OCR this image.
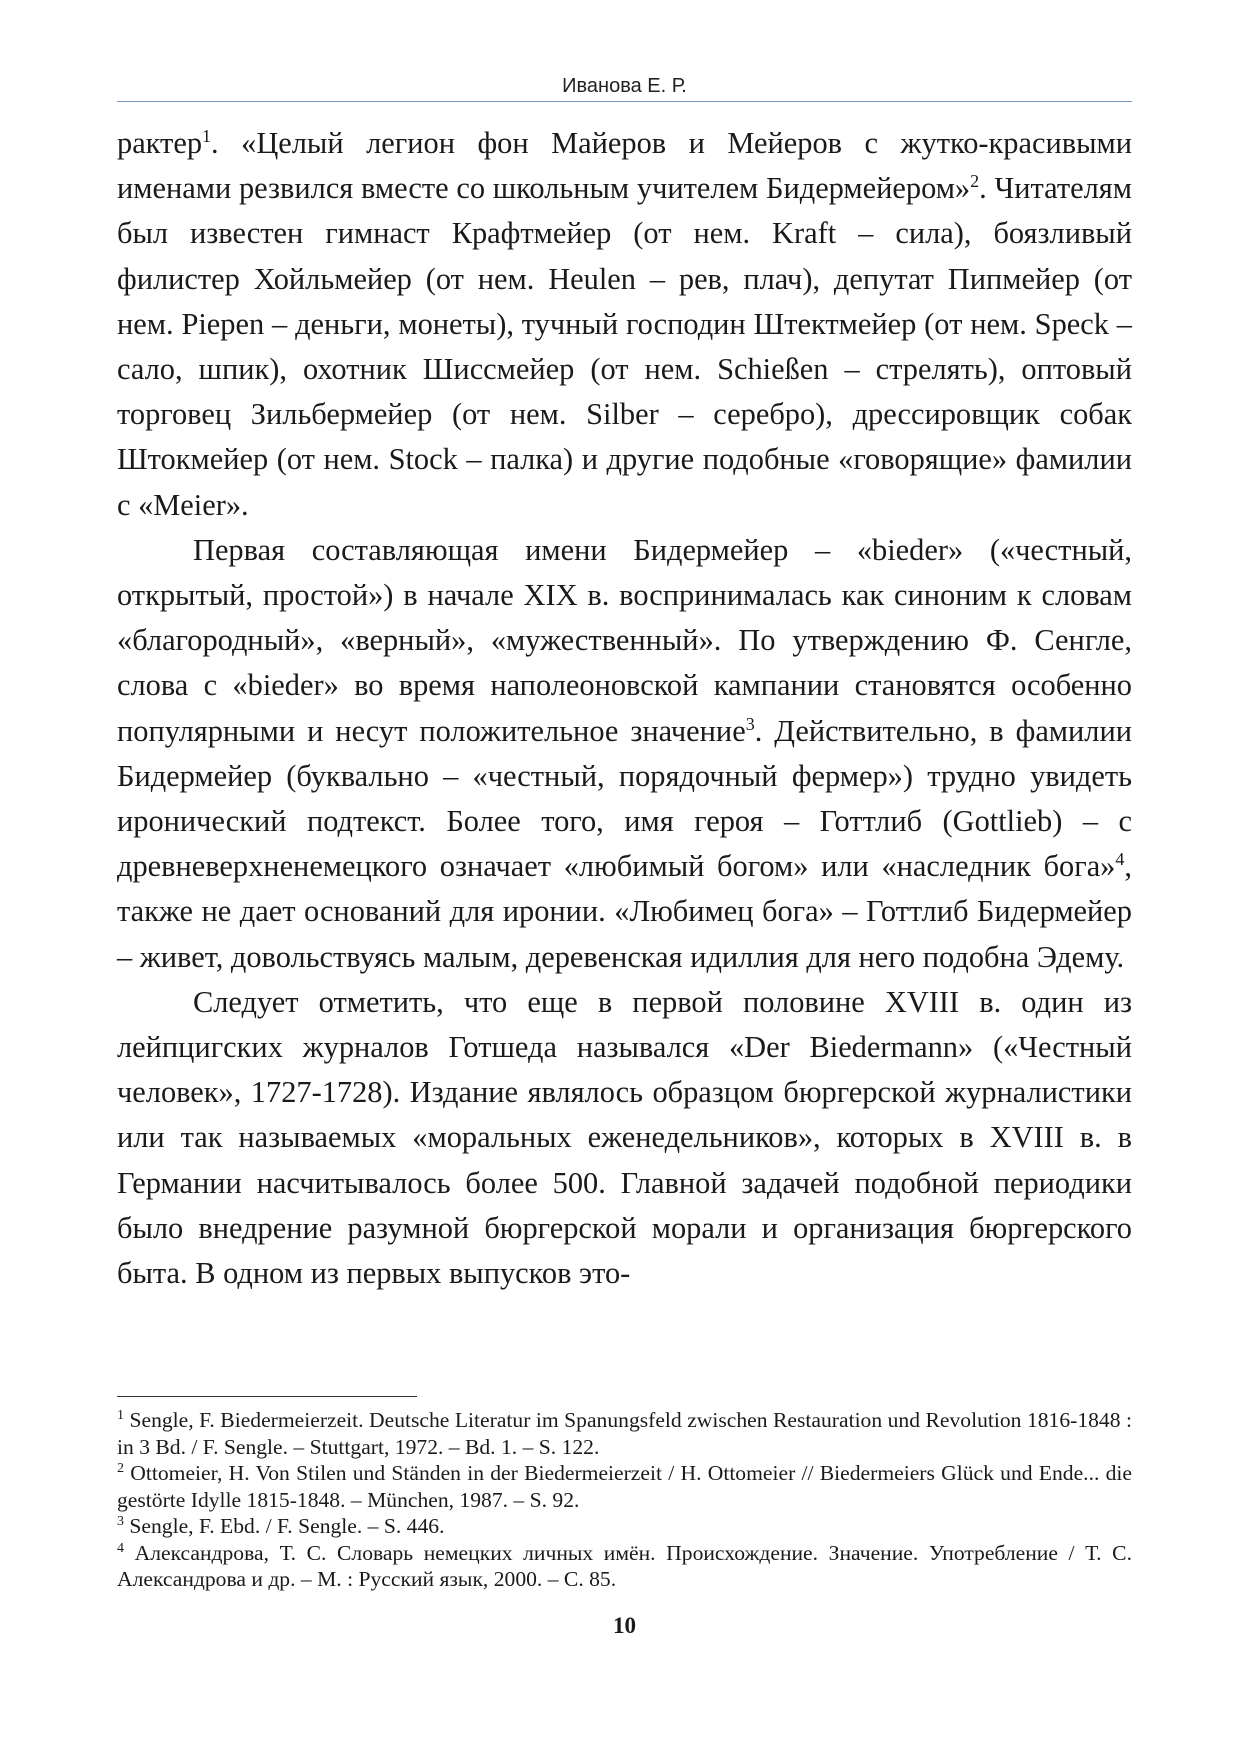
Иванова Е. Р.

рактер$^1$. «Целый легион фон Майеров и Мейеров с жутко-красивыми именами резвился вместе со школьным учителем Бидермейером»$^2$. Читателям был известен гимнаст Крафтмейер (от нем. Kraft – сила), боязливый филистер Хойльмейер (от нем. Heulen – рев, плач), депутат Пипмейер (от нем. Piepen – деньги, монеты), тучный господин Штектмейер (от нем. Speck – сало, шпик), охотник Шиссмейер (от нем. Schießen – стрелять), оптовый торговец Зильбермейер (от нем. Silber – серебро), дрессировщик собак Штокмейер (от нем. Stock – палка) и другие подобные «говорящие» фамилии с «Meier».

Первая составляющая имени Бидермейер – «bieder» («честный, открытый, простой») в начале XIX в. воспринималась как синоним к словам «благородный», «верный», «мужественный». По утверждению Ф. Сенгле, слова с «bieder» во время наполеоновской кампании становятся особенно популярными и несут положительное значение$^3$. Действительно, в фамилии Бидермейер (буквально – «честный, порядочный фермер») трудно увидеть иронический подтекст. Более того, имя героя – Готтлиб (Gottlieb) – с древневерхненемецкого означает «любимый богом» или «наследник бога»$^4$, также не дает оснований для иронии. «Любимец бога» – Готтлиб Бидермейер – живет, довольствуясь малым, деревенская идиллия для него подобна Эдему.

Следует отметить, что еще в первой половине XVIII в. один из лейпцигских журналов Готшеда назывался «Der Biedermann» («Честный человек», 1727-1728). Издание являлось образцом бюргерской журналистики или так называемых «моральных еженедельников», которых в XVIII в. в Германии насчитывалось более 500. Главной задачей подобной периодики было внедрение разумной бюргерской морали и организация бюргерского быта. В одном из первых выпусков это-

$^1$ Sengle, F. Biedermeierzeit. Deutsche Literatur im Spanungsfeld zwischen Restauration und Revolution 1816-1848 : in 3 Bd. / F. Sengle. – Stuttgart, 1972. – Bd. 1. – S. 122.

$^2$ Ottomeier, H. Von Stilen und Ständen in der Biedermeierzeit / H. Ottomeier // Biedermeiers Glück und Ende... die gestörte Idylle 1815-1848. – München, 1987. – S. 92.

$^3$ Sengle, F. Ebd. / F. Sengle. – S. 446.

$^4$ Александрова, Т. С. Словарь немецких личных имён. Происхождение. Значение. Употребление / Т. С. Александрова и др. – М. : Русский язык, 2000. – С. 85.

10
